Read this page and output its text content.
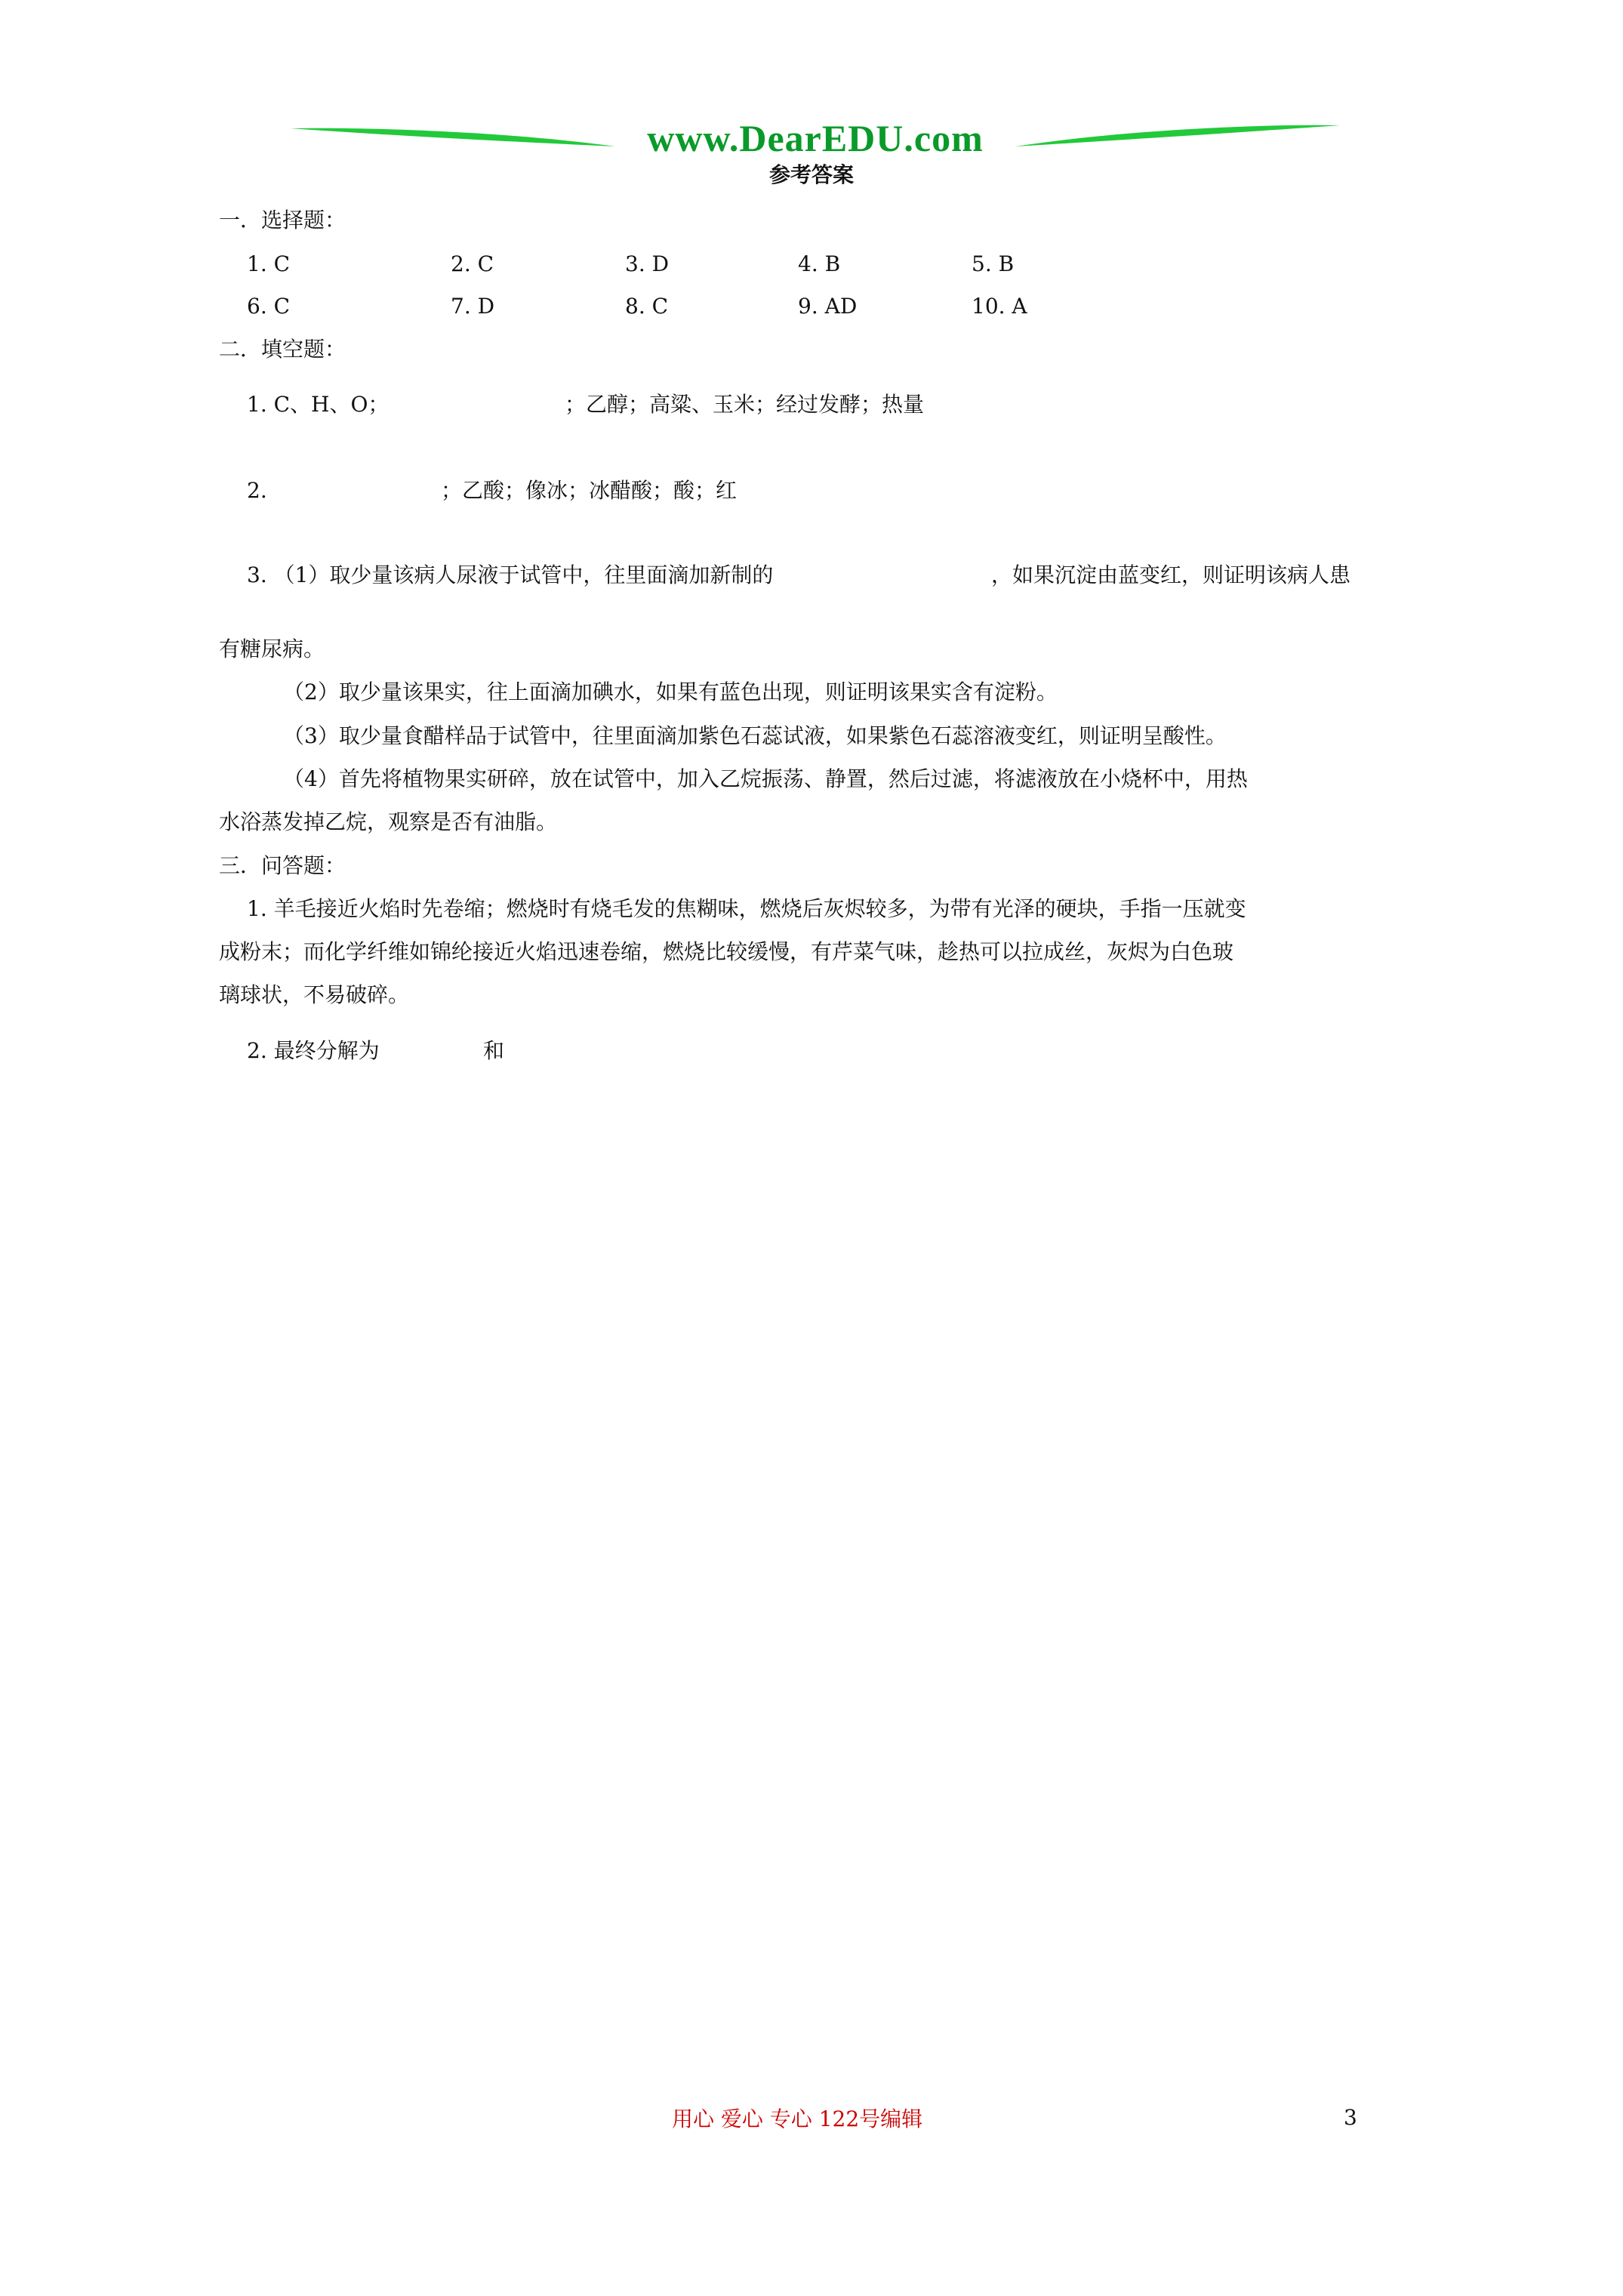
www.DearEDU.com
参考答案
一．选择题：
1. C	2. C	3. D	4. B	5. B
6. C	7. D	8. C	9. AD	10. A
二．填空题：
1. C、H、O；	；乙醇；高粱、玉米；经过发酵；热量
2.	；乙酸；像冰；冰醋酸；酸；红
3. （1）取少量该病人尿液于试管中，往里面滴加新制的	，如果沉淀由蓝变红，则证明该病人患
有糖尿病。
（2）取少量该果实，往上面滴加碘水，如果有蓝色出现，则证明该果实含有淀粉。
（3）取少量食醋样品于试管中，往里面滴加紫色石蕊试液，如果紫色石蕊溶液变红，则证明呈酸性。
（4）首先将植物果实研碎，放在试管中，加入乙烷振荡、静置，然后过滤，将滤液放在小烧杯中，用热
水浴蒸发掉乙烷，观察是否有油脂。
三．问答题：
1. 羊毛接近火焰时先卷缩；燃烧时有烧毛发的焦糊味，燃烧后灰烬较多，为带有光泽的硬块，手指一压就变
成粉末；而化学纤维如锦纶接近火焰迅速卷缩，燃烧比较缓慢，有芹菜气味，趁热可以拉成丝，灰烬为白色玻
璃球状，不易破碎。
2. 最终分解为	和
用心 爱心 专心 122号编辑	3
